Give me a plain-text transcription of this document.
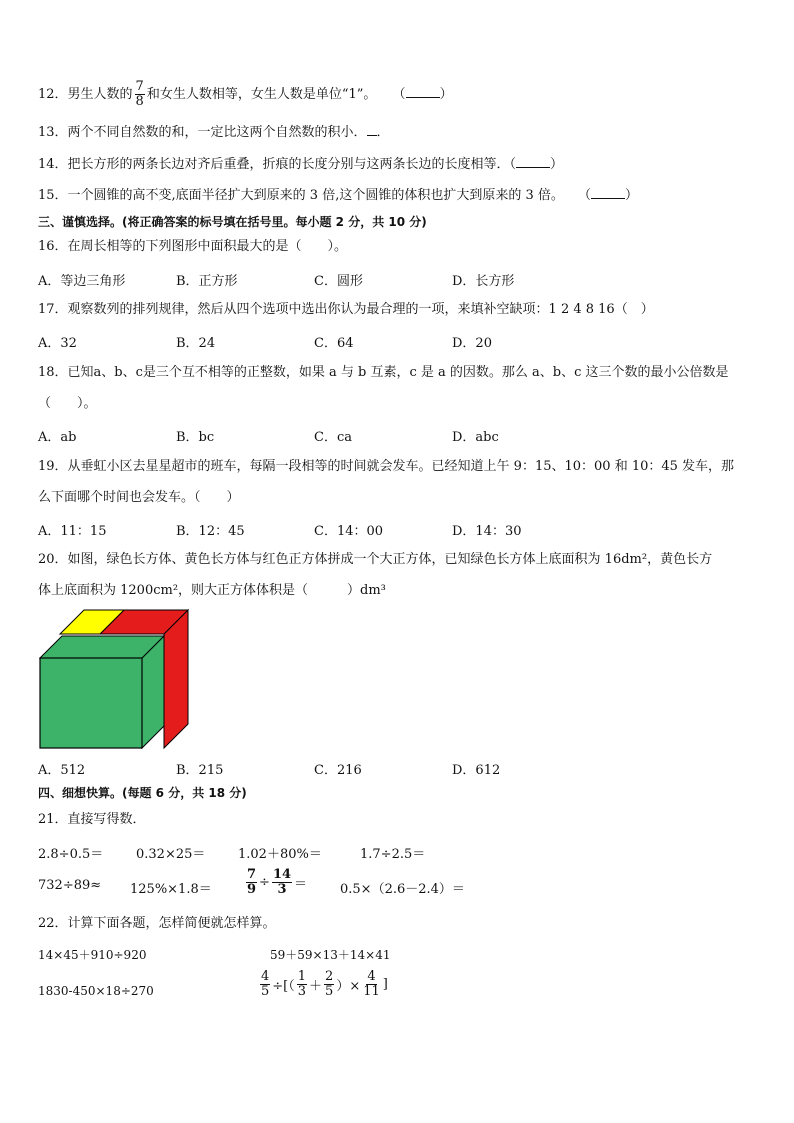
12．男生人数的 $\frac{7}{8}$ 和女生人数相等，女生人数是单位“1”。 （	）
13．两个不同自然数的和，一定比这两个自然数的积小． ．
14．把长方形的两条长边对齐后重叠，折痕的长度分别与这两条长边的长度相等．（	）
15．一个圆锥的高不变,底面半径扩大到原来的 3 倍,这个圆锥的体积也扩大到原来的 3 倍。 （	）
三、谨慎选择。(将正确答案的标号填在括号里。每小题 2 分，共 10 分)
16．在周长相等的下列图形中面积最大的是（　　）。
A．等边三角形	B．正方形	C．圆形	D．长方形
17．观察数列的排列规律，然后从四个选项中选出你认为最合理的一项，来填补空缺项：1 2 4 8 16（　）
A．32	B．24	C．64	D．20
18．已知a、b、c是三个互不相等的正整数，如果 a 与 b 互素，c 是 a 的因数。那么 a、b、c 这三个数的最小公倍数是
（　　）。
A．ab	B．bc	C．ca	D．abc
19．从垂虹小区去星星超市的班车，每隔一段相等的时间就会发车。已经知道上午 9：15、10：00 和 10：45 发车，那
么下面哪个时间也会发车。（　　）
A．11：15	B．12：45	C．14：00	D．14：30
20．如图，绿色长方体、黄色长方体与红色正方体拼成一个大正方体，已知绿色长方体上底面积为 16dm²，黄色长方
体上底面积为 1200cm²，则大正方体体积是（　　　）dm³
A．512	B．215	C．216	D．612
四、细想快算。(每题 6 分，共 18 分)
21．直接写得数．
2.8÷0.5＝	0.32×25＝	1.02＋80%＝	1.7÷2.5＝
732÷89≈ 125%×1.8＝	$\frac{7}{9} \div \frac{14}{3}$ ＝	0.5×（2.6－2.4）＝
22．计算下面各题，怎样简便就怎样算。
14×45＋910÷920	59＋59×13＋14×41
1830-450×18÷270	$\frac{4}{5}$ ÷[（ $\frac{1}{3} + \frac{2}{5}$ ）× $\frac{4}{11}$ ]
